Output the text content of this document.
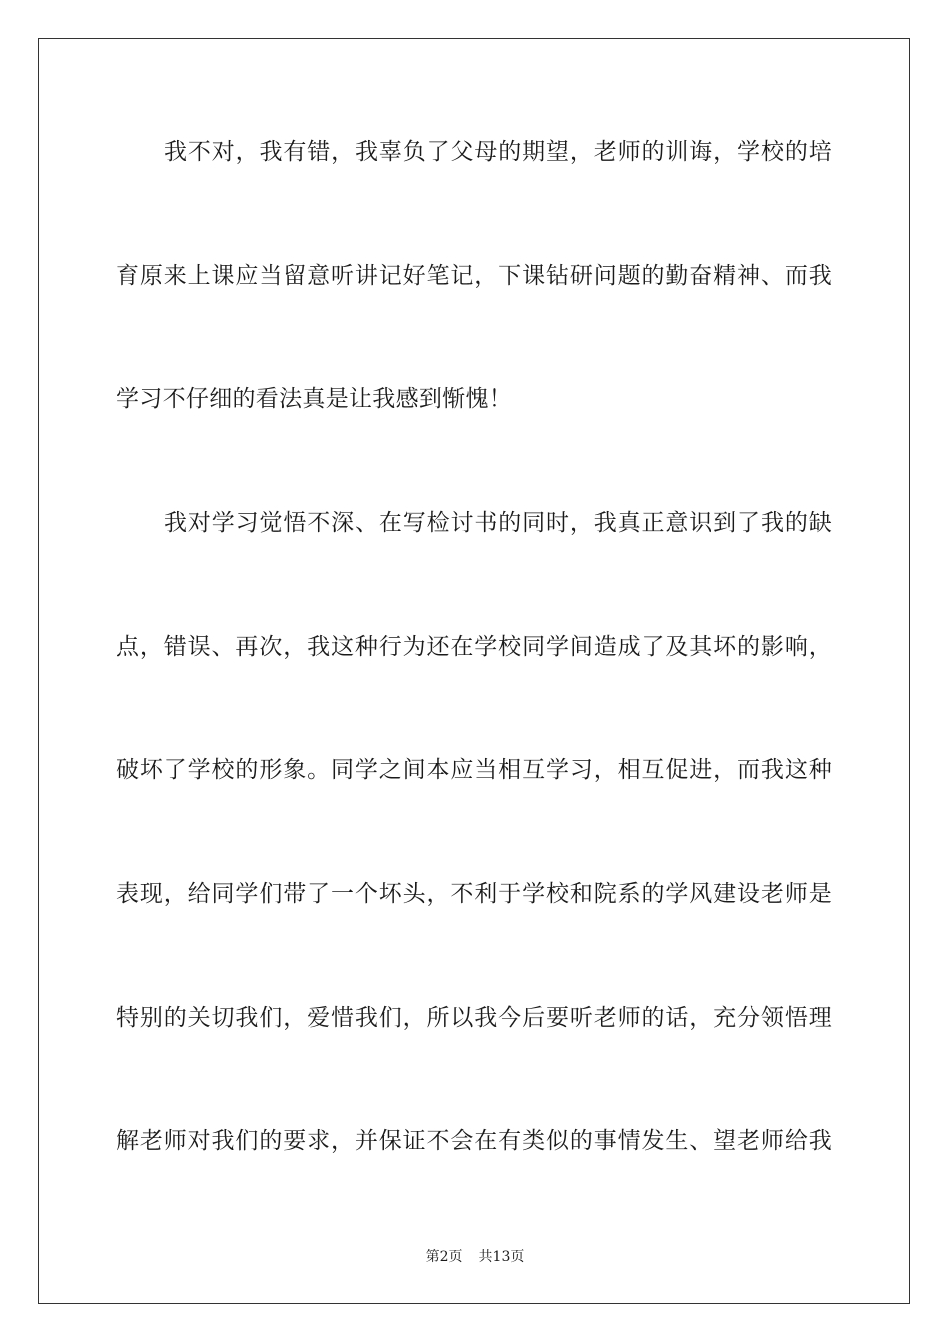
我不对，我有错，我辜负了父母的期望，老师的训诲，学校的培
育原来上课应当留意听讲记好笔记，下课钻研问题的勤奋精神、而我
学习不仔细的看法真是让我感到惭愧！
我对学习觉悟不深、在写检讨书的同时，我真正意识到了我的缺
点，错误、再次，我这种行为还在学校同学间造成了及其坏的影响，
破坏了学校的形象。同学之间本应当相互学习，相互促进，而我这种
表现，给同学们带了一个坏头，不利于学校和院系的学风建设老师是
特别的关切我们，爱惜我们，所以我今后要听老师的话，充分领悟理
解老师对我们的要求，并保证不会在有类似的事情发生、望老师给我
第2页 共13页
